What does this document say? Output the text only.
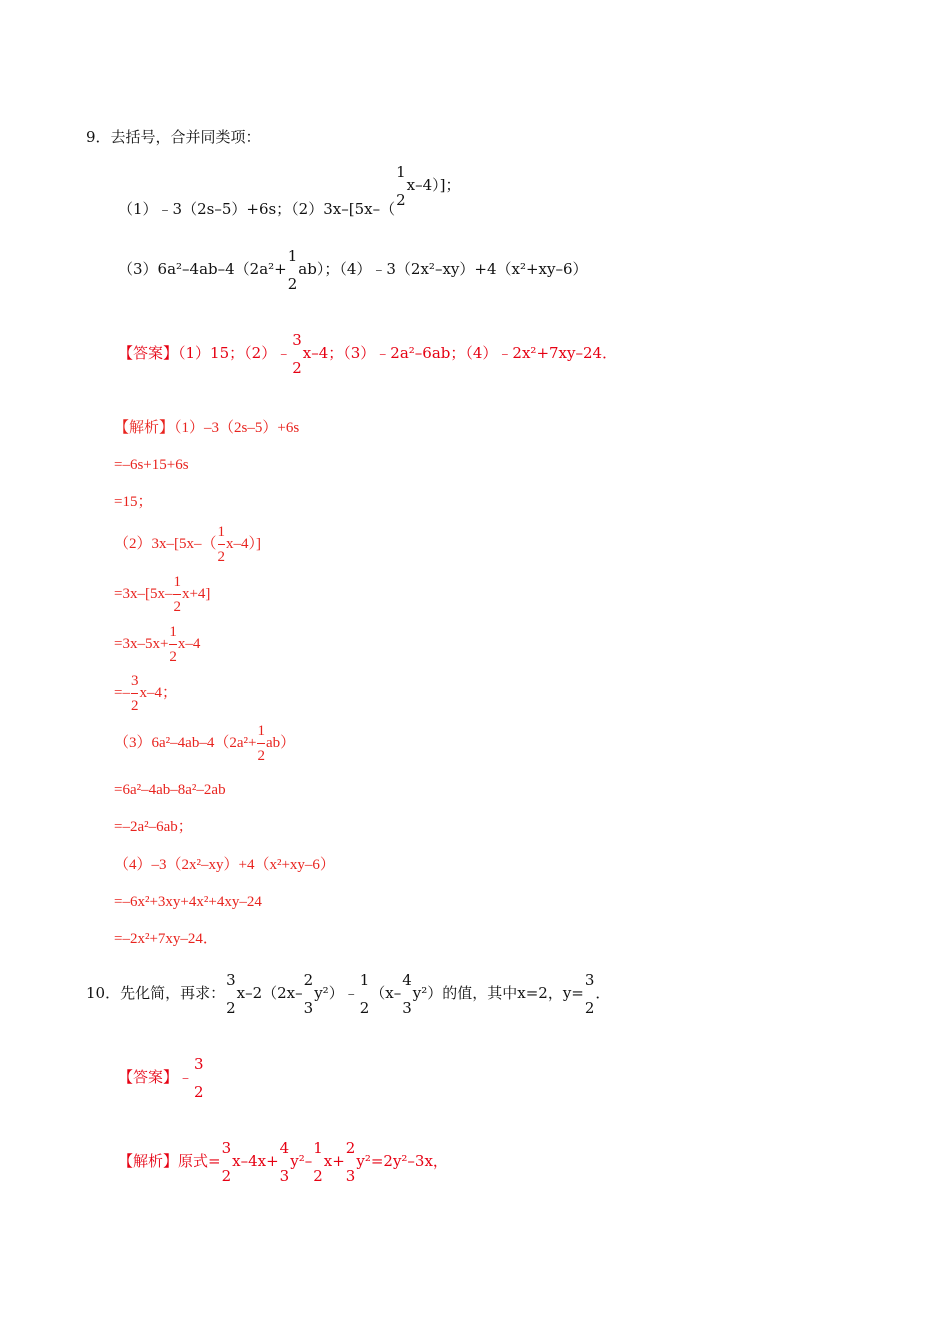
9．去括号，合并同类项：
（1）﹣3（2s–5）+6s；（2）3x–[5x–（
1
2
x–4）]；
（3）6a²–4ab–4（2a²+
1
2
ab）；（4）﹣3（2x²–xy）+4（x²+xy–6）
【答案】（1）15；（2）﹣
3
2
x–4；（3）﹣2a²–6ab；（4）﹣2x²+7xy–24．
【解析】（1）–3（2s–5）+6s
=–6s+15+6s
=15；
$(2)3x-[5x-( \frac{1}{2} x-4)]$
$=3x-[5x- \frac{1}{2} x+4]$
$=3x-5x+ \frac{1}{2} x-4$
=– $\frac{3}{2} x-4$；
$(3)6a^2-4ab-4(2a^2+ \frac{1}{2} ab)$
=6a²–4ab–8a²–2ab
=–2a²–6ab；
（4）–3（2x²–xy）+4（x²+xy–6）
=–6x²+3xy+4x²+4xy–24
=–2x²+7xy–24．
10．先化简，再求：
3
2
x–2（2x–
2
3
y²）﹣
1
2
（x–
4
3
y²）的值，其中x=2，y=
3
2
．
【答案】﹣
3
2
【解析】原式=
3
2
x–4x+
4
3
y²–
1
2
x+
2
3
y²=2y²–3x，
